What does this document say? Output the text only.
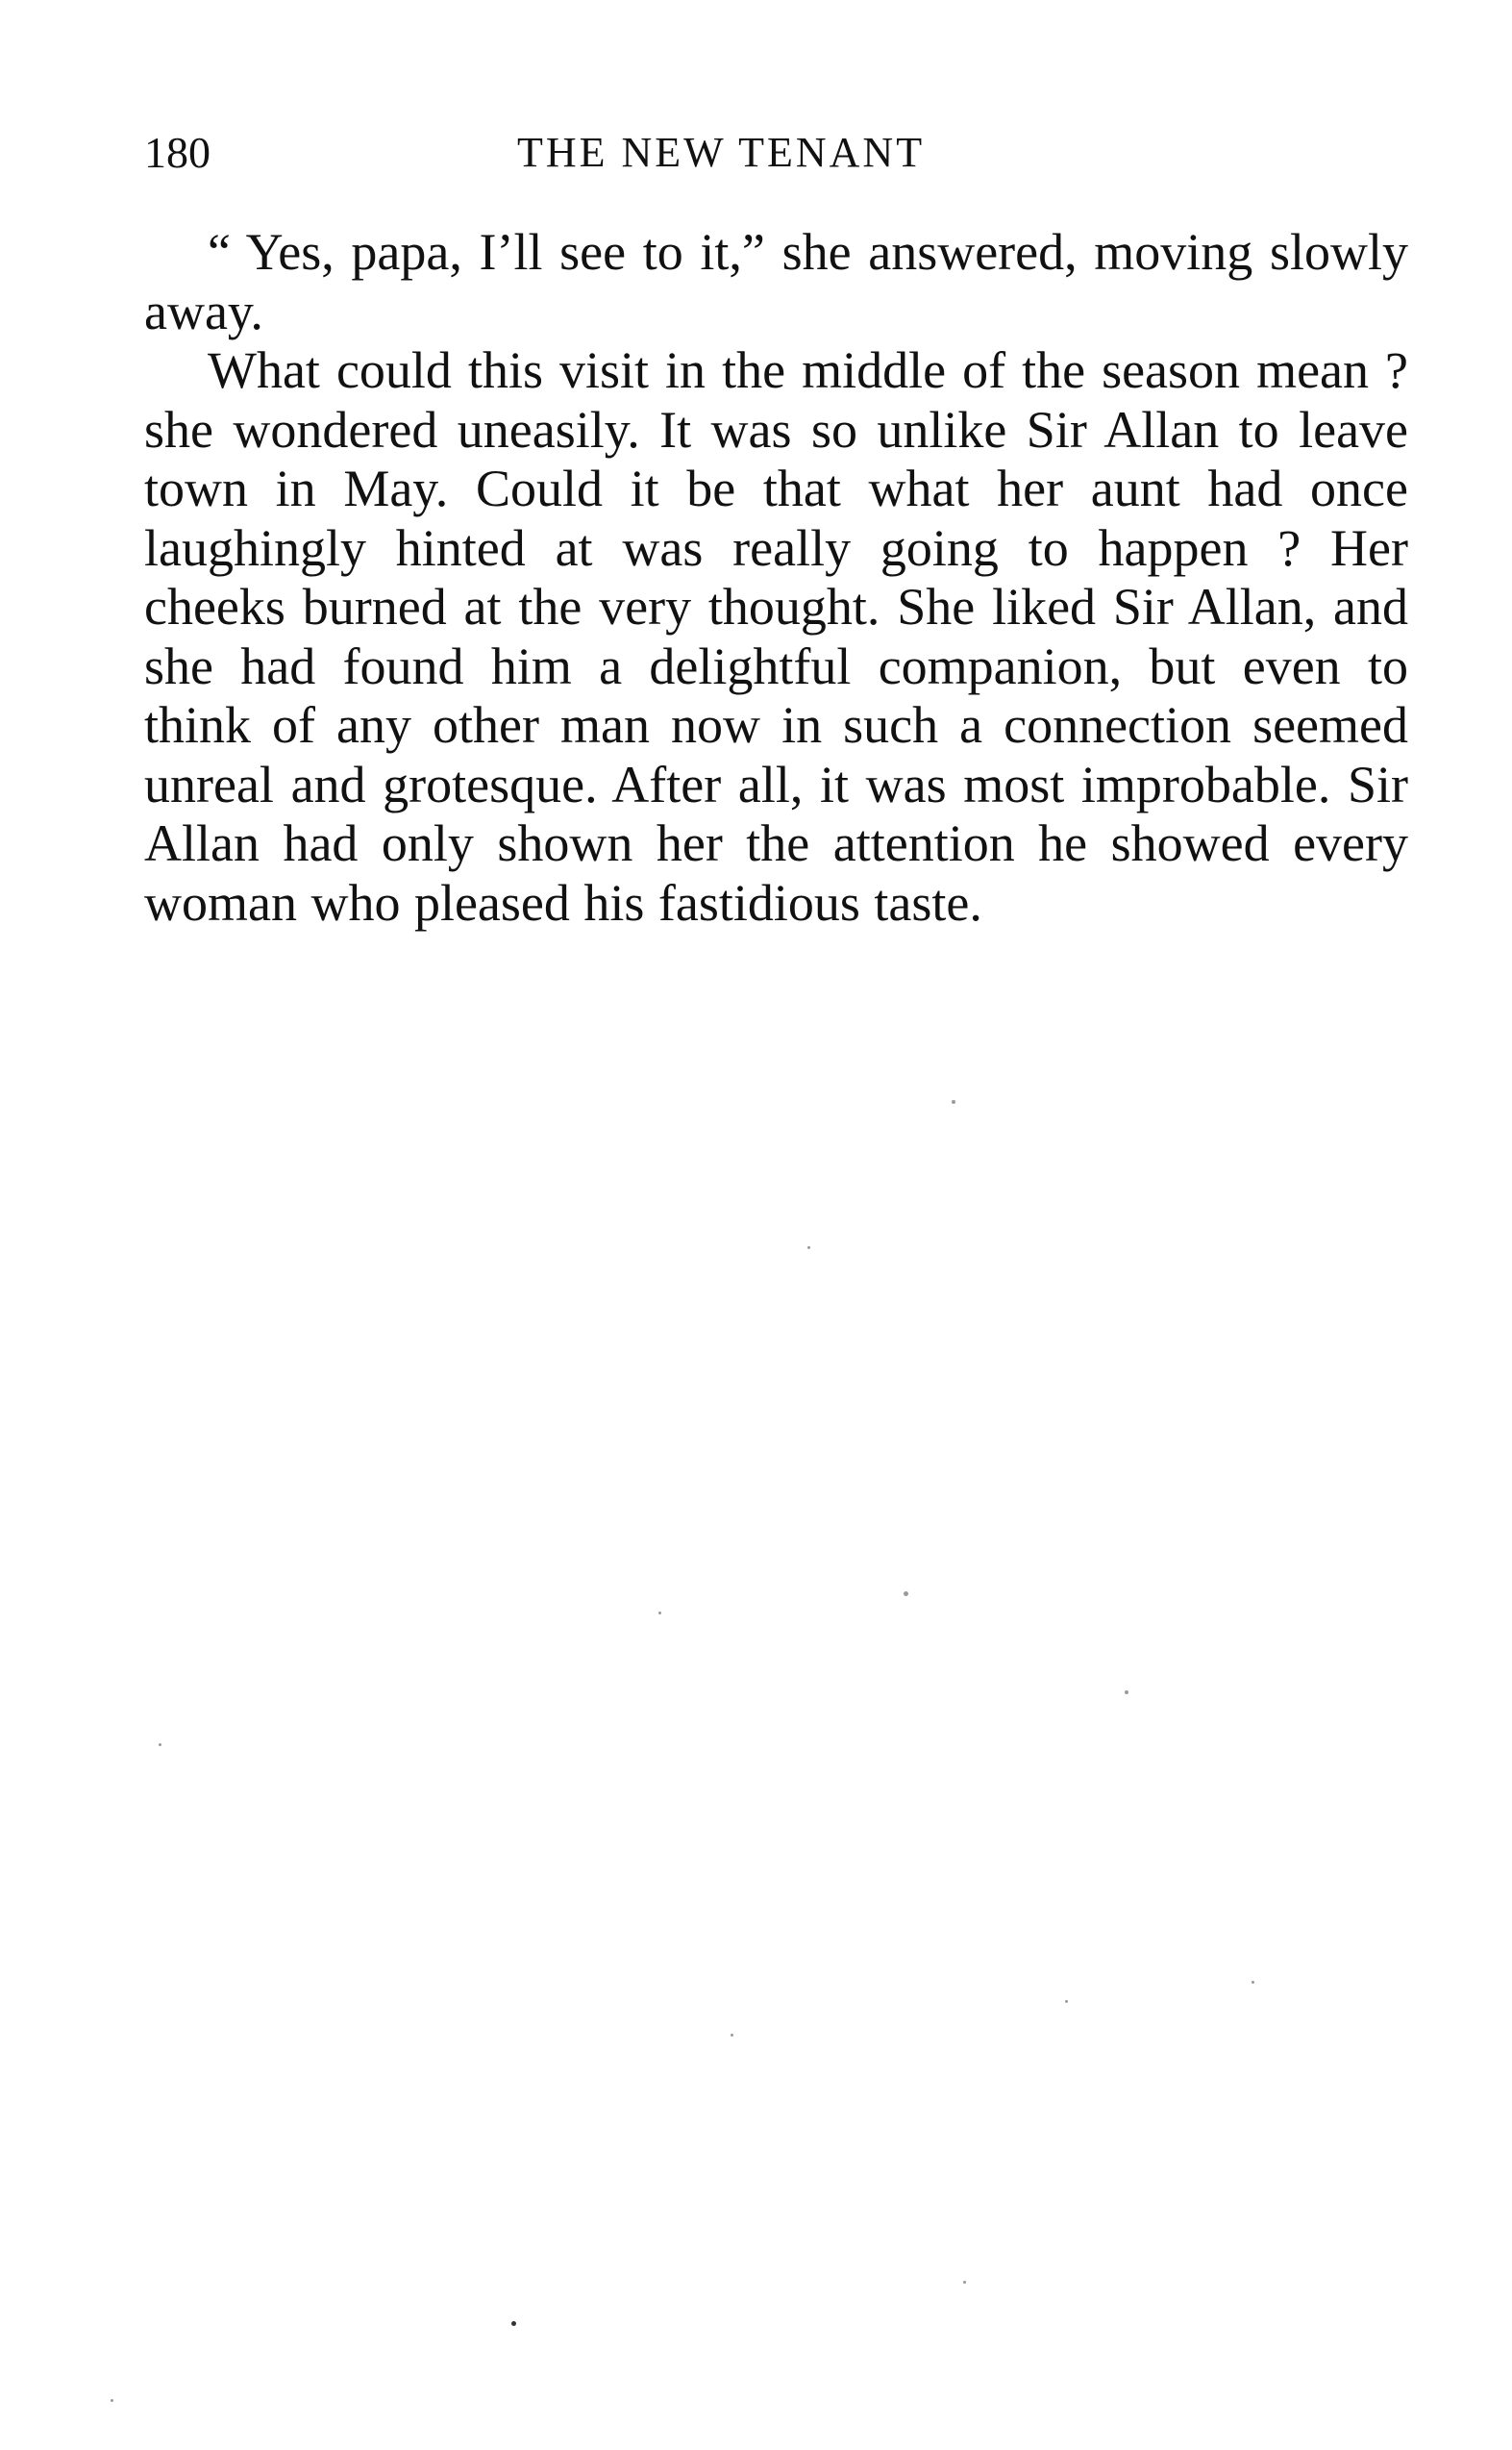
180	THE NEW TENANT

“ Yes, papa, I’ll see to it,” she answered, moving slowly away.

What could this visit in the middle of the season mean ? she wondered uneasily. It was so unlike Sir Allan to leave town in May. Could it be that what her aunt had once laughingly hinted at was really going to happen ? Her cheeks burned at the very thought. She liked Sir Allan, and she had found him a delightful companion, but even to think of any other man now in such a connection seemed unreal and grotesque. After all, it was most improbable. Sir Allan had only shown her the attention he showed every woman who pleased his fastidious taste.
